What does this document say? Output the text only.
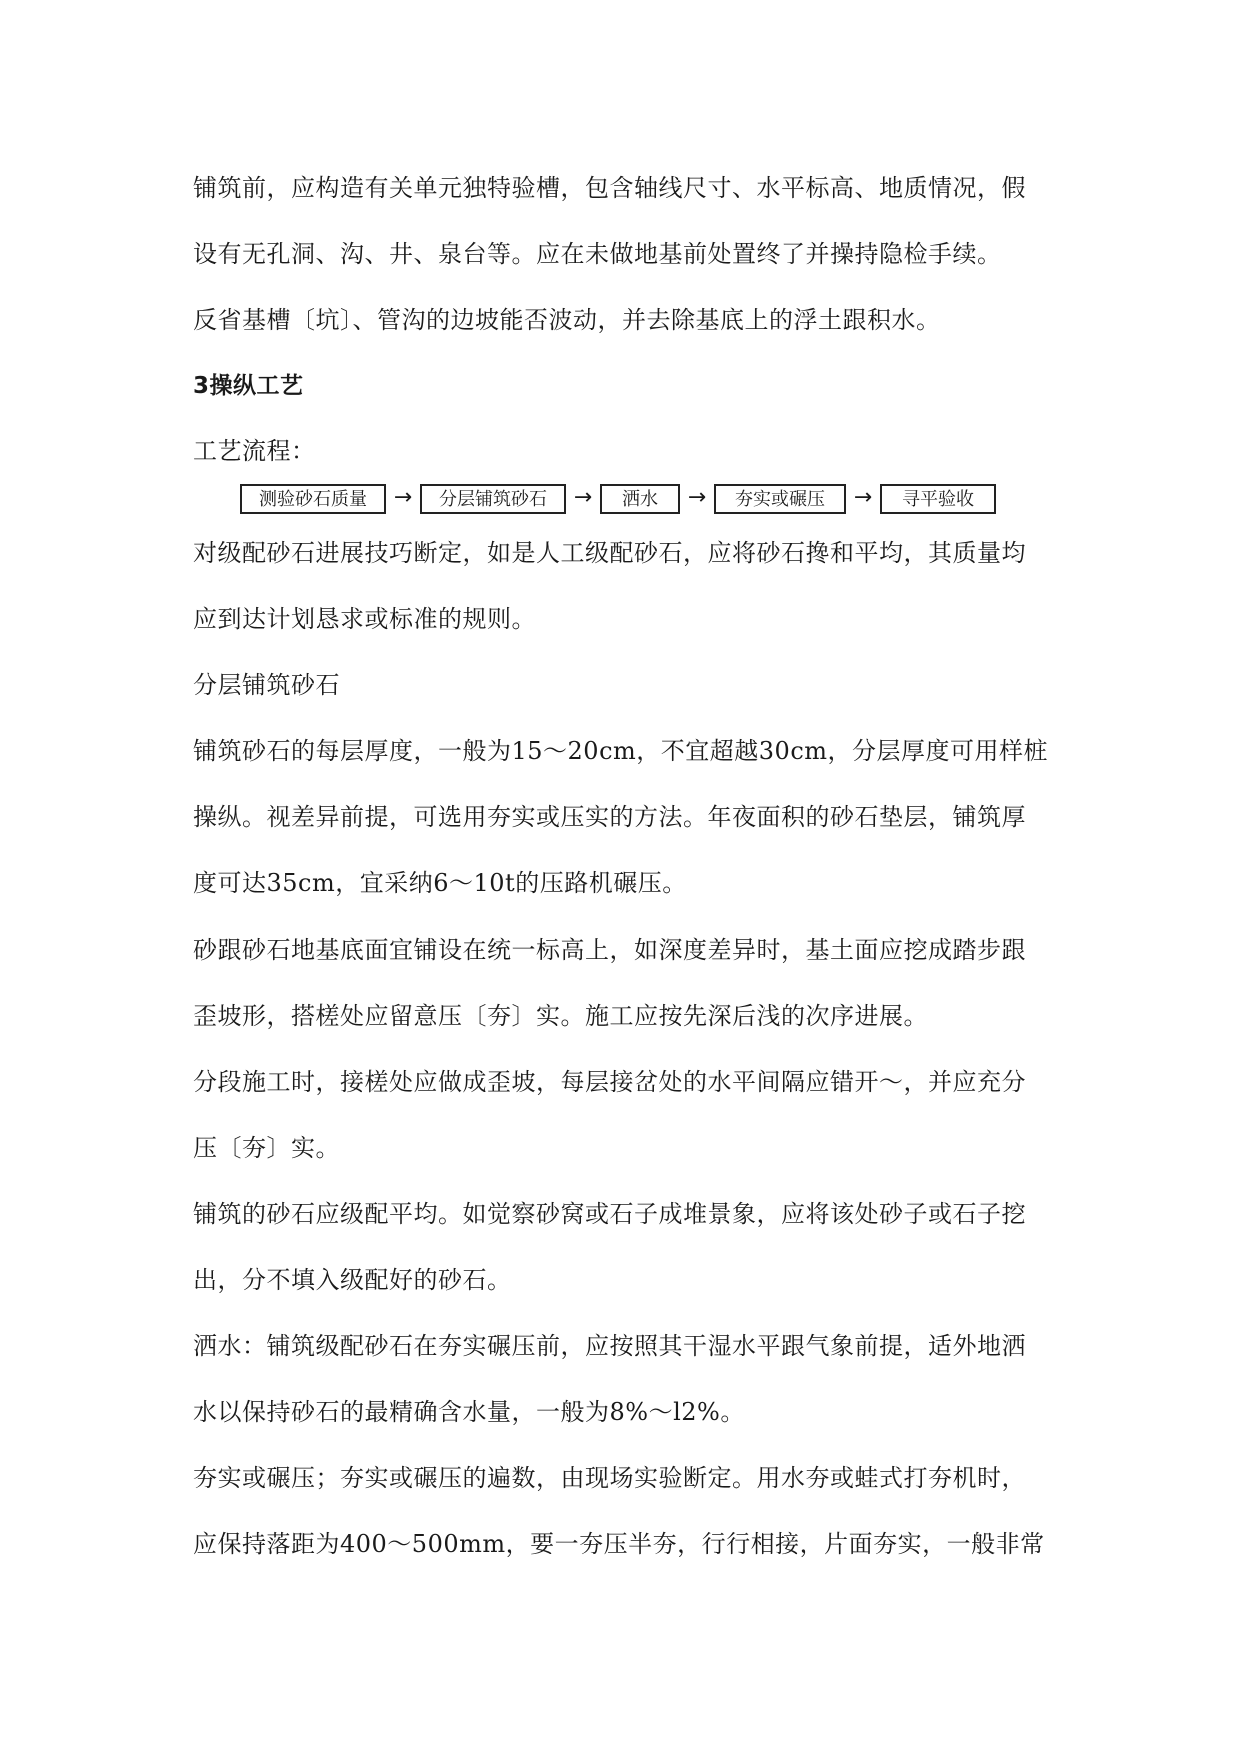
铺筑前，应构造有关单元独特验槽，包含轴线尺寸、水平标高、地质情况，假
设有无孔洞、沟、井、泉台等。应在未做地基前处置终了并操持隐检手续。
反省基槽〔坑〕、管沟的边坡能否波动，并去除基底上的浮土跟积水。
3操纵工艺
工艺流程：
测验砂石质量	→	分层铺筑砂石	→	洒水	→	夯实或碾压	→	寻平验收
对级配砂石进展技巧断定，如是人工级配砂石，应将砂石搀和平均，其质量均
应到达计划恳求或标准的规则。
分层铺筑砂石
铺筑砂石的每层厚度，一般为15～20cm，不宜超越30cm，分层厚度可用样桩
操纵。视差异前提，可选用夯实或压实的方法。年夜面积的砂石垫层，铺筑厚
度可达35cm，宜采纳6～10t的压路机碾压。
砂跟砂石地基底面宜铺设在统一标高上，如深度差异时，基土面应挖成踏步跟
歪坡形，搭槎处应留意压〔夯〕实。施工应按先深后浅的次序进展。
分段施工时，接槎处应做成歪坡，每层接岔处的水平间隔应错开～，并应充分
压〔夯〕实。
铺筑的砂石应级配平均。如觉察砂窝或石子成堆景象，应将该处砂子或石子挖
出，分不填入级配好的砂石。
洒水：铺筑级配砂石在夯实碾压前，应按照其干湿水平跟气象前提，适外地洒
水以保持砂石的最精确含水量，一般为8%～l2%。
夯实或碾压；夯实或碾压的遍数，由现场实验断定。用水夯或蛙式打夯机时，
应保持落距为400～500mm，要一夯压半夯，行行相接，片面夯实，一般非常
